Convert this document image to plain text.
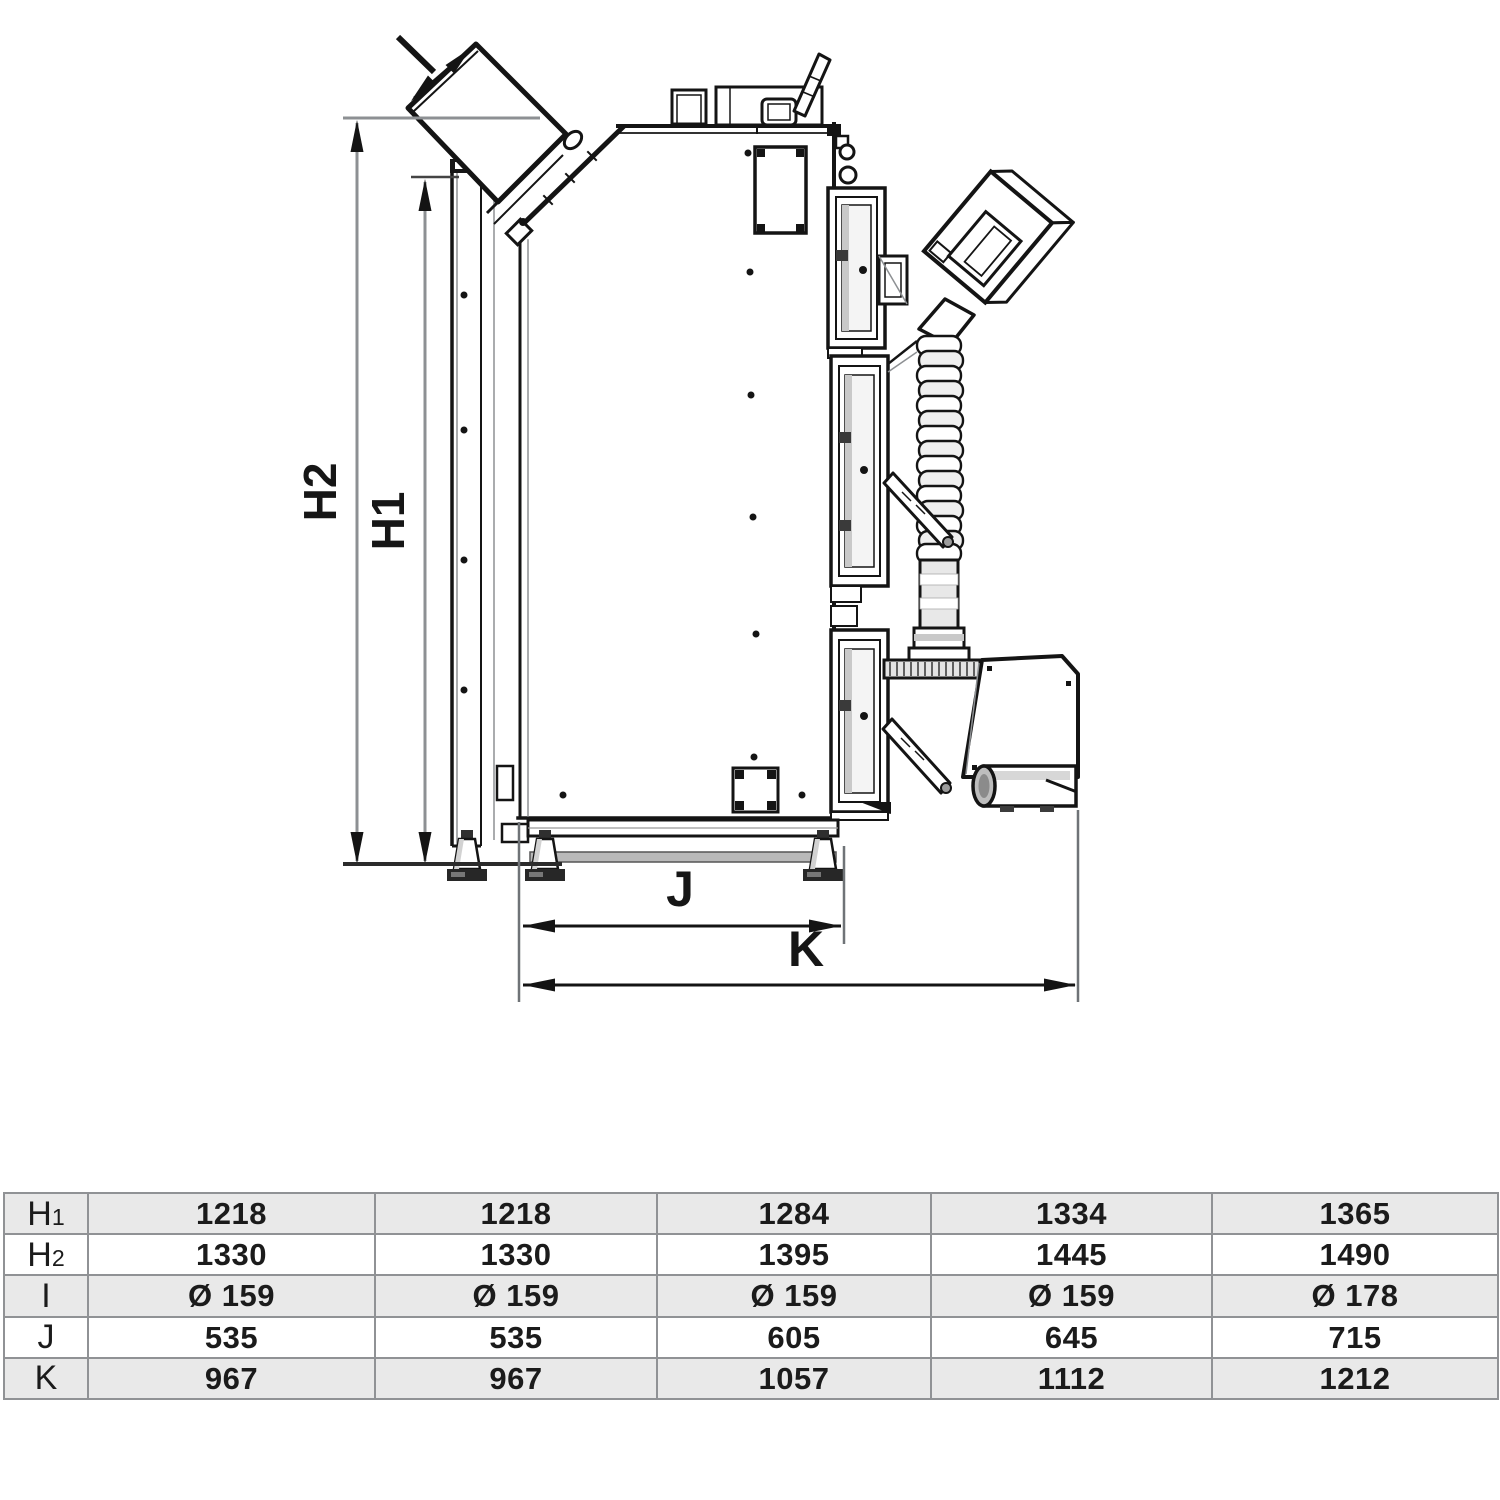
H2 H1
J
K
H1	1218	1218	1284	1334	1365
H2	1330	1330	1395	1445	1490
I	Ø 159	Ø 159	Ø 159	Ø 159	Ø 178
J	535	535	605	645	715
K	967	967	1057	1112	1212
